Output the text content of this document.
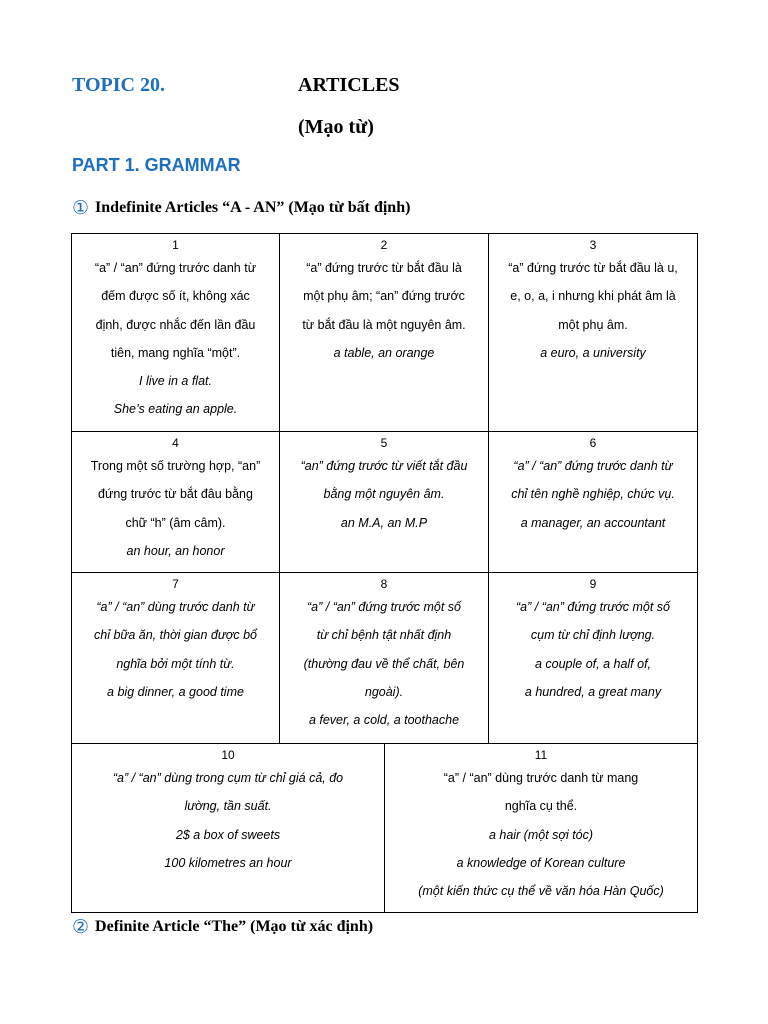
TOPIC 20.	ARTICLES
(Mạo từ)
PART 1. GRAMMAR
① Indefinite Articles “A - AN” (Mạo từ bất định)
1

“a” / “an” đứng trước danh từ

đếm được số ít, không xác

định, được nhắc đến lần đầu

tiên, mang nghĩa “một”.

I live in a flat.

She’s eating an apple.

2

“a” đứng trước từ bắt đầu là

một phụ âm; “an” đứng trước

từ bắt đầu là một nguyên âm.

a table, an orange

3

“a” đứng trước từ bắt đầu là u,

e, o, a, i nhưng khi phát âm là

một phụ âm.

a euro, a university

4

Trong một số trường hợp, “an”

đứng trước từ bắt đâu bằng

chữ “h” (âm câm).

an hour, an honor

5

“an” đứng trước từ viết tắt đầu

bằng một nguyên âm.

an M.A, an M.P

6

“a” / “an” đứng trước danh từ

chỉ tên nghề nghiệp, chức vụ.

a manager, an accountant

7

“a” / “an” dùng trước danh từ

chỉ bữa ăn, thời gian được bổ

nghĩa bởi một tính từ.

a big dinner, a good time

8

“a” / “an” đứng trước một số

từ chỉ bệnh tật nhất định

(thường đau về thể chất, bên

ngoài).

a fever, a cold, a toothache

9

“a” / “an” đứng trước một số

cụm từ chỉ định lượng.

a couple of, a half of,

a hundred, a great many

10

“a” / “an” dùng trong cụm từ chỉ giá cả, đo

lường, tần suất.

2$ a box of sweets

100 kilometres an hour

11

“a” / “an” dùng trước danh từ mang

nghĩa cụ thể.

a hair (một sợi tóc)

a knowledge of Korean culture

(một kiến thức cụ thể về văn hóa Hàn Quốc)

② Definite Article “The” (Mạo từ xác định)
